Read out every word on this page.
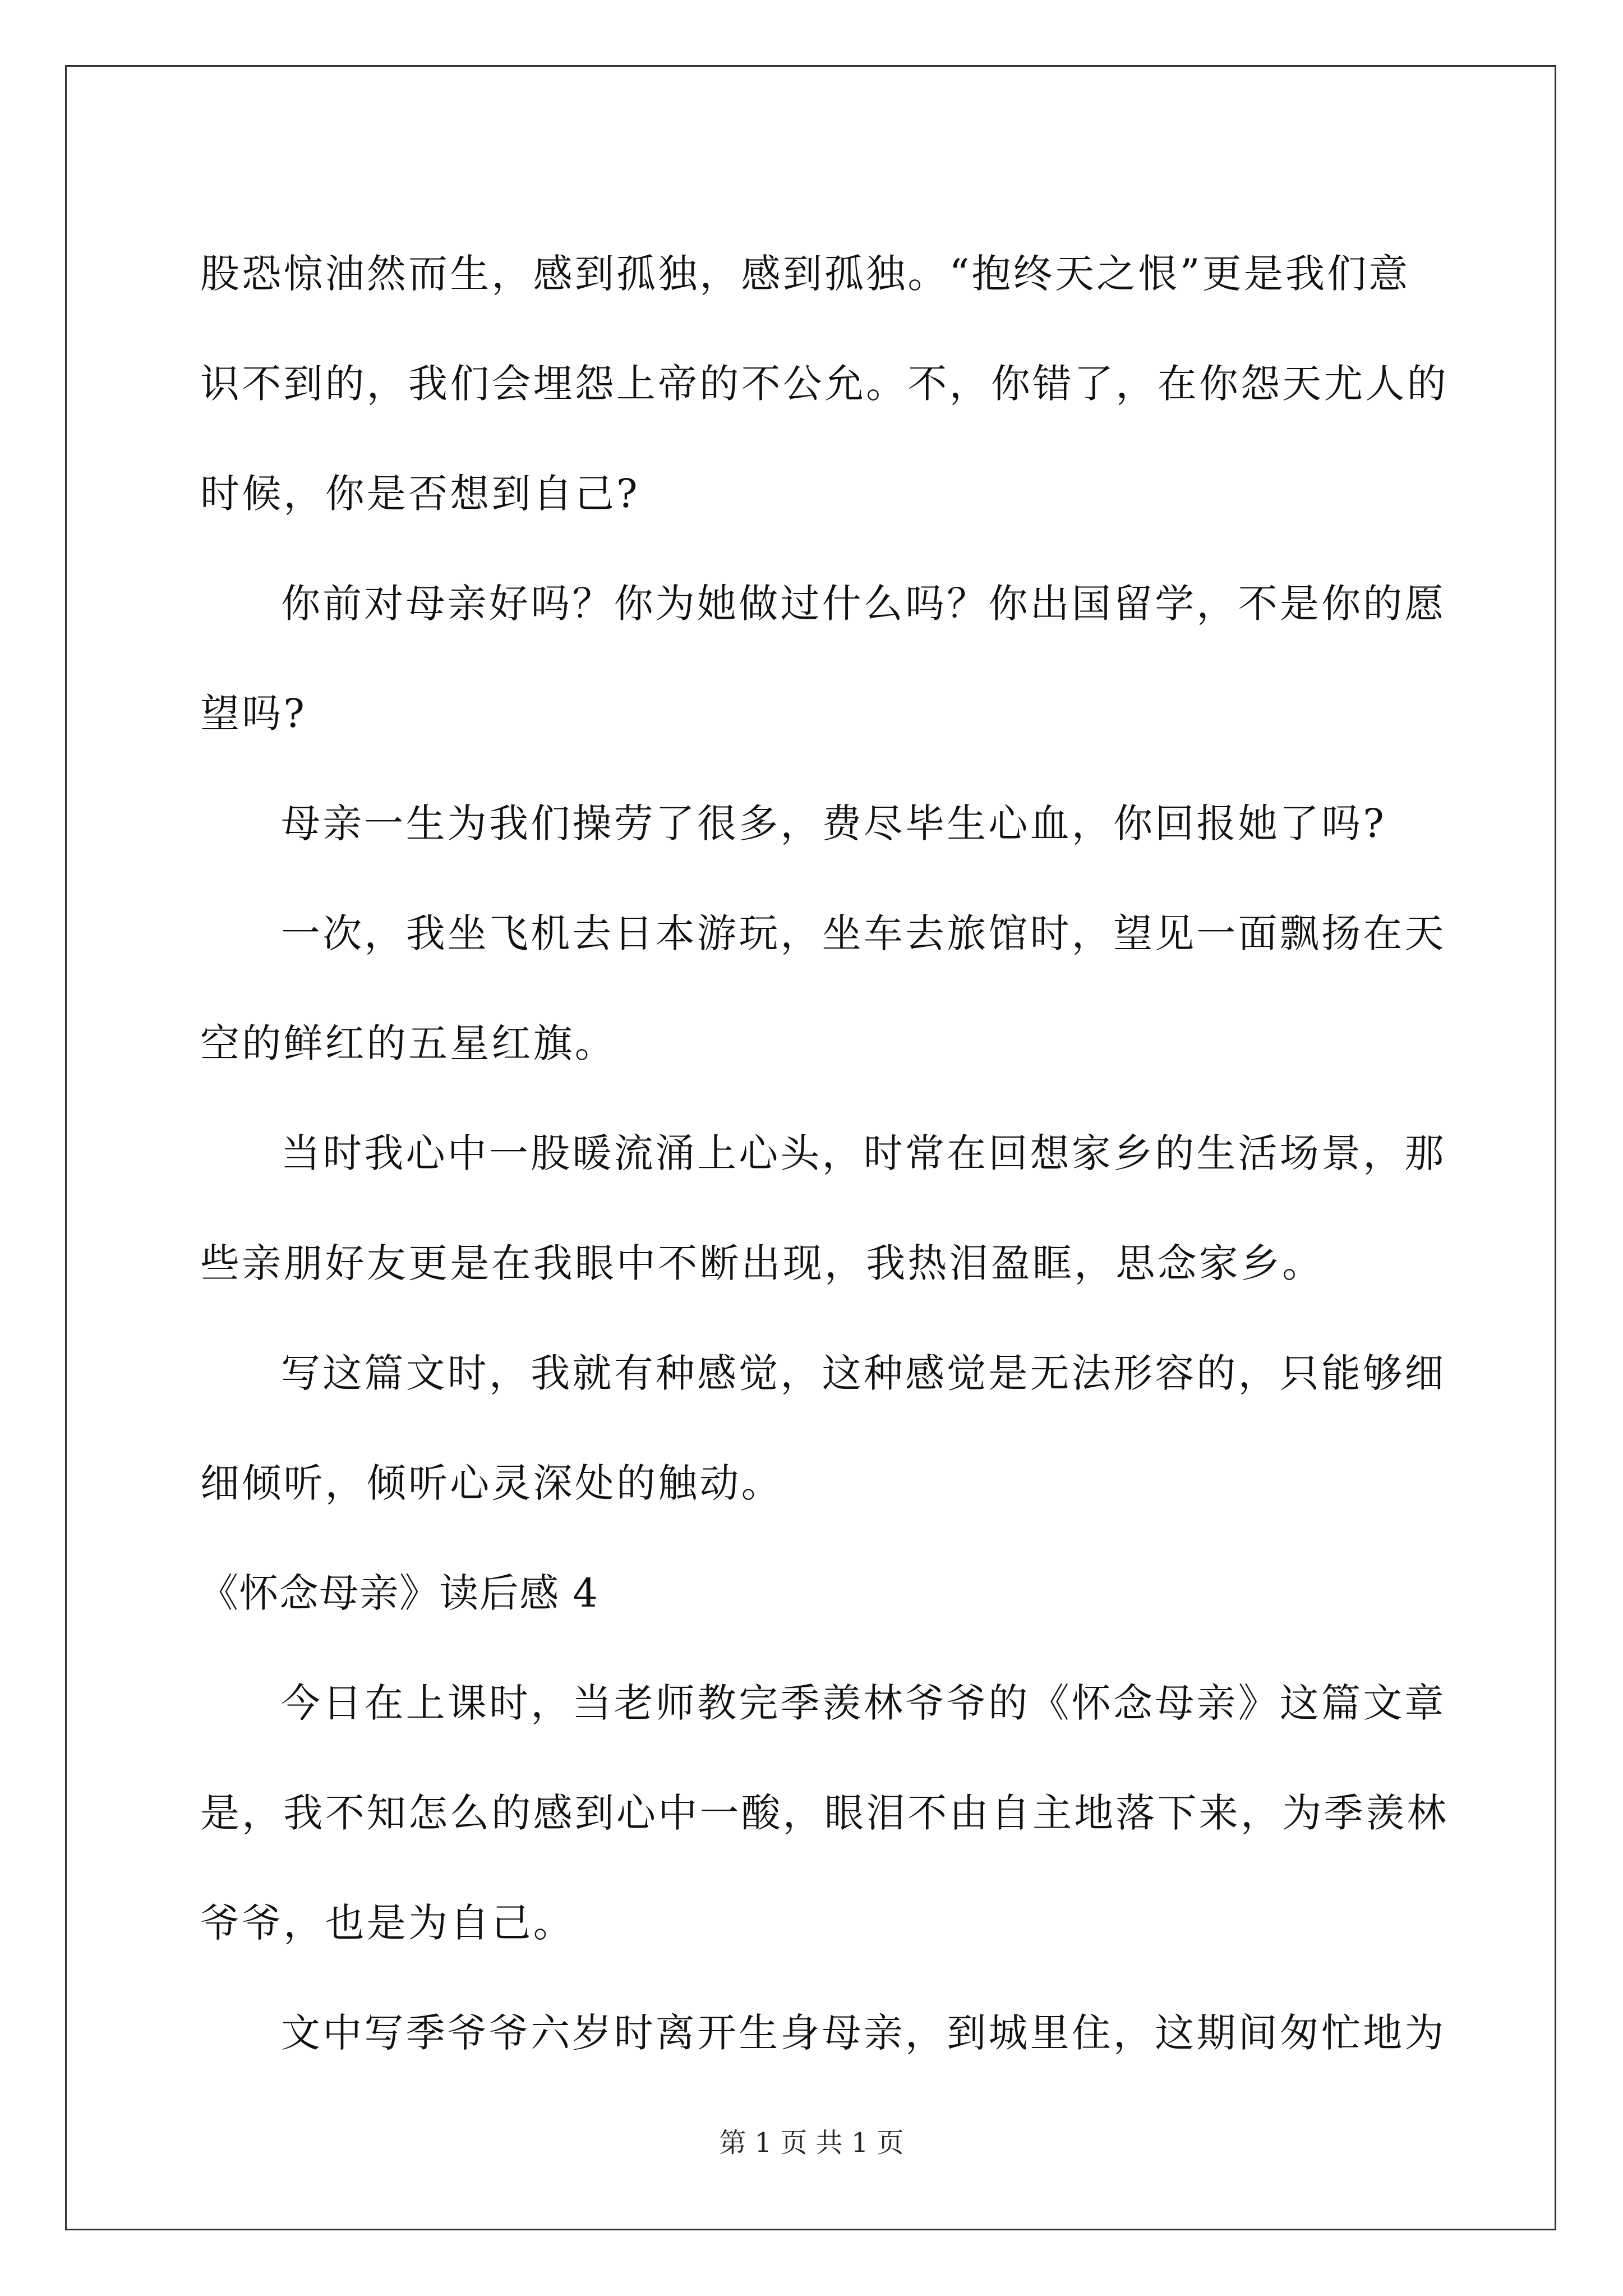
股恐惊油然而生，感到孤独，感到孤独。“抱终天之恨”更是我们意
识不到的，我们会埋怨上帝的不公允。不，你错了，在你怨天尤人的
时候，你是否想到自己?
你前对母亲好吗？你为她做过什么吗？你出国留学，不是你的愿
望吗?
母亲一生为我们操劳了很多，费尽毕生心血，你回报她了吗?
一次，我坐飞机去日本游玩，坐车去旅馆时，望见一面飘扬在天
空的鲜红的五星红旗。
当时我心中一股暖流涌上心头，时常在回想家乡的生活场景，那
些亲朋好友更是在我眼中不断出现，我热泪盈眶，思念家乡。
写这篇文时，我就有种感觉，这种感觉是无法形容的，只能够细
细倾听，倾听心灵深处的触动。
《怀念母亲》读后感 4
今日在上课时，当老师教完季羡林爷爷的《怀念母亲》这篇文章
是，我不知怎么的感到心中一酸，眼泪不由自主地落下来，为季羡林
爷爷，也是为自己。
文中写季爷爷六岁时离开生身母亲，到城里住，这期间匆忙地为
第 1 页 共 1 页
